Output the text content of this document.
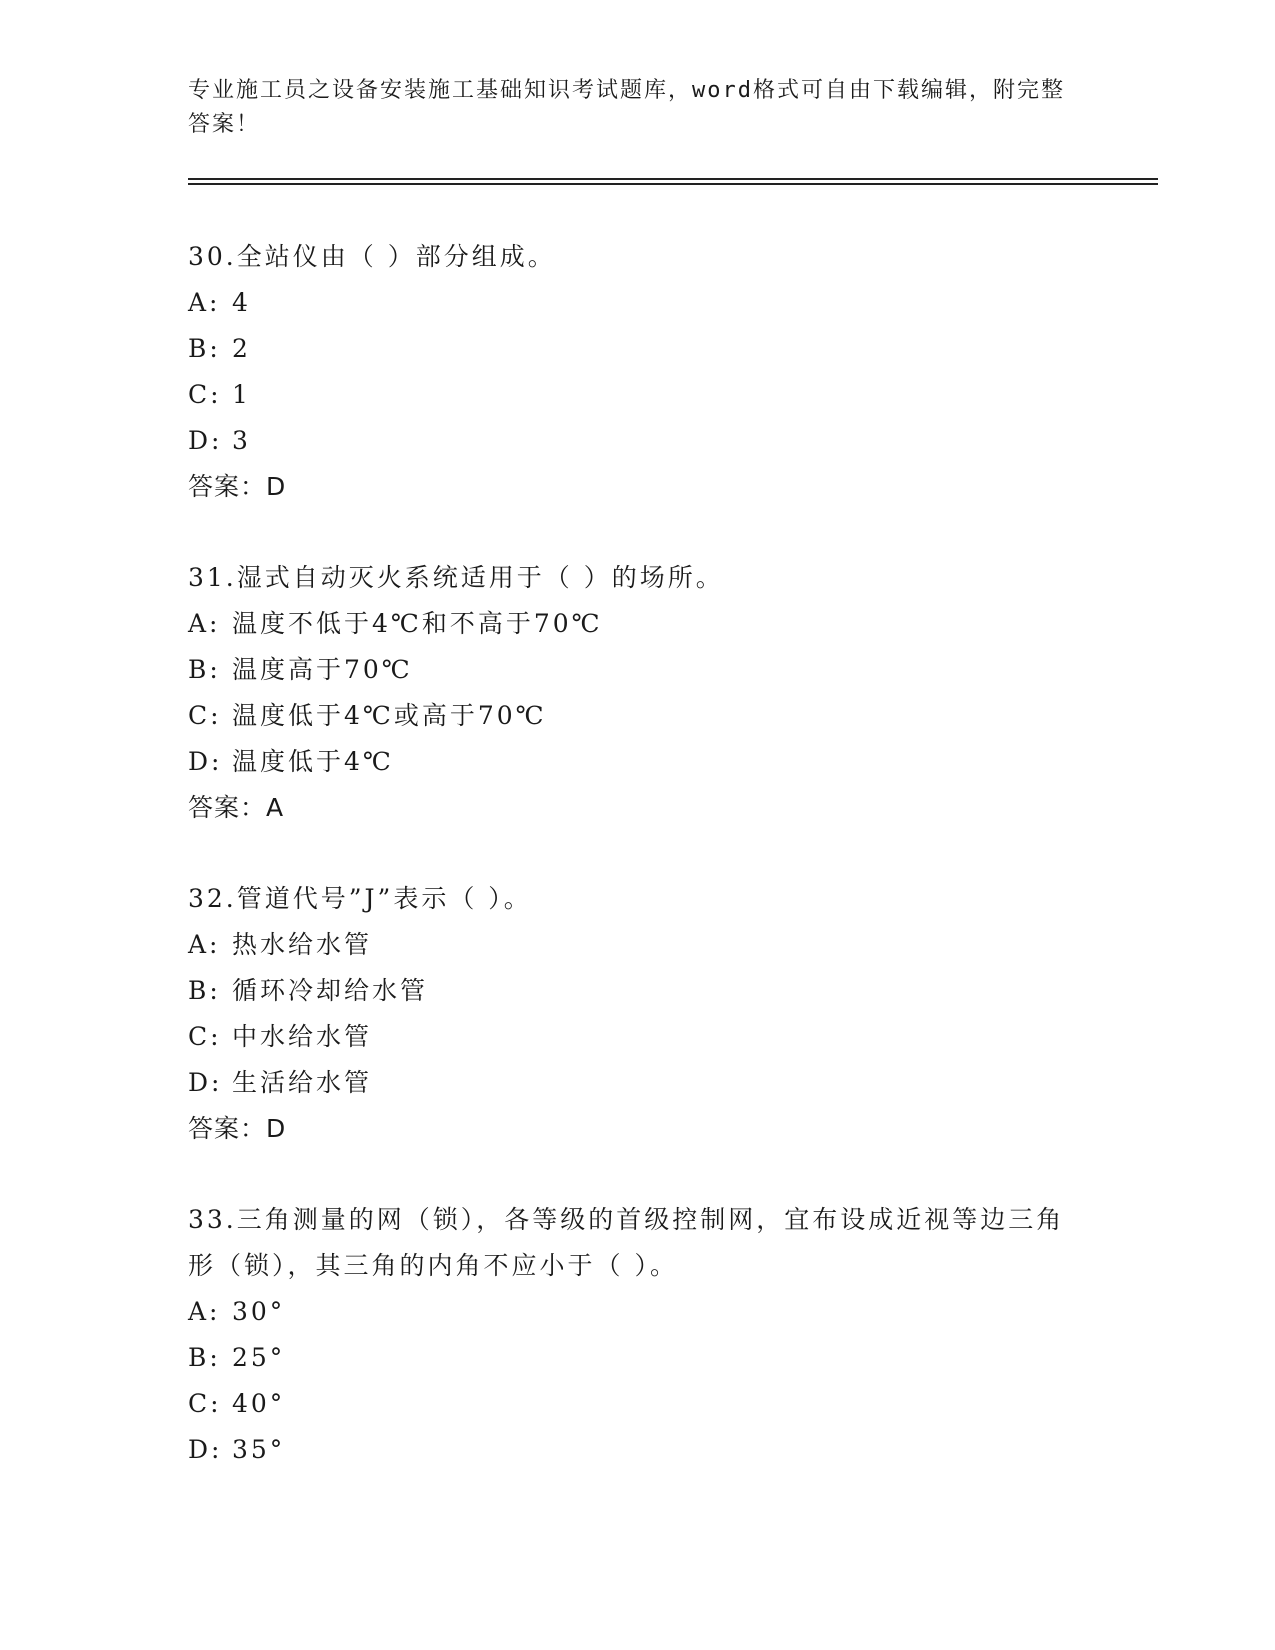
专业施工员之设备安装施工基础知识考试题库，word格式可自由下载编辑，附完整答案！

30.全站仪由（ ）部分组成。

A: 4

B: 2

C: 1

D: 3

答案：D

31.湿式自动灭火系统适用于（ ）的场所。

A: 温度不低于4℃和不高于70℃

B: 温度高于70℃

C: 温度低于4℃或高于70℃

D: 温度低于4℃

答案：A

32.管道代号”J”表示（ ）。

A: 热水给水管

B: 循环冷却给水管

C: 中水给水管

D: 生活给水管

答案：D

33.三角测量的网（锁），各等级的首级控制网，宜布设成近视等边三角形（锁），其三角的内角不应小于（ ）。

A: 30°

B: 25°

C: 40°

D: 35°
